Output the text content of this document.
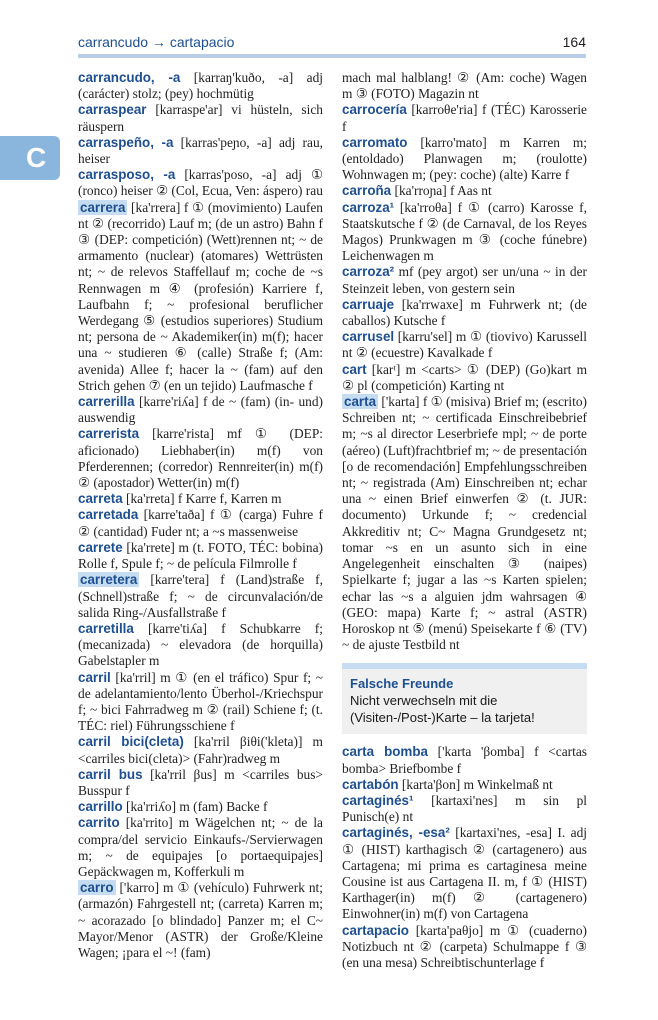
carrancudo → cartapacio	164
C
carrancudo, -a [karraŋ'kuðo, -a] adj (carácter) stolz; (pey) hochmütig
carraspear [karraspe'ar] vi hüsteln, sich räuspern
carraspeño, -a [karras'peɲo, -a] adj rau, heiser
carrasposo, -a [karras'poso, -a] adj ① (ronco) heiser ② (Col, Ecua, Ven: áspero) rau
carrera [ka'rrera] f ① (movimiento) Laufen nt ② (recorrido) Lauf m; (de un astro) Bahn f ③ (DEP: competición) (Wett)rennen nt; ~ de armamento (nuclear) (atomares) Wettrüsten nt; ~ de relevos Staffellauf m; coche de ~s Rennwagen m ④ (profesión) Karriere f, Laufbahn f; ~ profesional beruflicher Werdegang ⑤ (estudios superiores) Studium nt; persona de ~ Akademiker(in) m(f); hacer una ~ studieren ⑥ (calle) Straße f; (Am: avenida) Allee f; hacer la ~ (fam) auf den Strich gehen ⑦ (en un tejido) Laufmasche f
carrerilla [karre'riʎa] f de ~ (fam) (in- und) auswendig
carrerista [karre'rista] mf ① (DEP: aficionado) Liebhaber(in) m(f) von Pferderennen; (corredor) Rennreiter(in) m(f) ② (apostador) Wetter(in) m(f)
carreta [ka'rreta] f Karre f, Karren m
carretada [karre'taða] f ① (carga) Fuhre f ② (cantidad) Fuder nt; a ~s massenweise
carrete [ka'rrete] m (t. FOTO, TÉC: bobina) Rolle f, Spule f; ~ de película Filmrolle f
carretera [karre'tera] f (Land)straße f, (Schnell)straße f; ~ de circunvalación/de salida Ring-/Ausfallstraße f
carretilla [karre'tiʎa] f Schubkarre f; (mecanizada) ~ elevadora (de horquilla) Gabelstapler m
carril [ka'rril] m ① (en el tráfico) Spur f; ~ de adelantamiento/lento Überhol-/Kriechspur f; ~ bici Fahrradweg m ② (rail) Schiene f; (t. TÉC: riel) Führungsschiene f
carril bici(cleta) [ka'rril βiθi('kleta)] m <carriles bici(cleta)> (Fahr)radweg m
carril bus [ka'rril βus] m <carriles bus> Busspur f
carrillo [ka'rriʎo] m (fam) Backe f
carrito [ka'rrito] m Wägelchen nt; ~ de la compra/del servicio Einkaufs-/Servierwagen m; ~ de equipajes [o portaequipajes] Gepäckwagen m, Kofferkuli m
carro ['karro] m ① (vehículo) Fuhrwerk nt; (armazón) Fahrgestell nt; (carreta) Karren m; ~ acorazado [o blindado] Panzer m; el C~ Mayor/Menor (ASTR) der Große/Kleine Wagen; ¡para el ~! (fam)
mach mal halblang! ② (Am: coche) Wagen m ③ (FOTO) Magazin nt
carrocería [karroθe'ria] f (TÉC) Karosserie f
carromato [karro'mato] m Karren m; (entoldado) Planwagen m; (roulotte) Wohnwagen m; (pey: coche) (alte) Karre f
carroña [ka'rroɲa] f Aas nt
carroza¹ [ka'rroθa] f ① (carro) Karosse f, Staatskutsche f ② (de Carnaval, de los Reyes Magos) Prunkwagen m ③ (coche fúnebre) Leichenwagen m
carroza² mf (pey argot) ser un/una ~ in der Steinzeit leben, von gestern sein
carruaje [ka'rrwaxe] m Fuhrwerk nt; (de caballos) Kutsche f
carrusel [karru'sel] m ① (tiovivo) Karussell nt ② (ecuestre) Kavalkade f
cart [karᵗ] m <carts> ① (DEP) (Go)kart m ② pl (competición) Karting nt
carta ['karta] f ① (misiva) Brief m; (escrito) Schreiben nt; ~ certificada Einschreibebrief m; ~s al director Leserbriefe mpl; ~ de porte (aéreo) (Luft)frachtbrief m; ~ de presentación [o de recomendación] Empfehlungsschreiben nt; ~ registrada (Am) Einschreiben nt; echar una ~ einen Brief einwerfen ② (t. JUR: documento) Urkunde f; ~ credencial Akkreditiv nt; C~ Magna Grundgesetz nt; tomar ~s en un asunto sich in eine Angelegenheit einschalten ③ (naipes) Spielkarte f; jugar a las ~s Karten spielen; echar las ~s a alguien jdm wahrsagen ④ (GEO: mapa) Karte f; ~ astral (ASTR) Horoskop nt ⑤ (menú) Speisekarte f ⑥ (TV) ~ de ajuste Testbild nt
Falsche Freunde
Nicht verwechseln mit die (Visiten-/Post-)Karte – la tarjeta!
carta bomba ['karta 'βomba] f <cartas bomba> Briefbombe f
cartabón [karta'βon] m Winkelmaß nt
cartaginés¹ [kartaxi'nes] m sin pl Punisch(e) nt
cartaginés, -esa² [kartaxi'nes, -esa] I. adj ① (HIST) karthagisch ② (cartagenero) aus Cartagena; mi prima es cartaginesa meine Cousine ist aus Cartagena II. m, f ① (HIST) Karthager(in) m(f) ② (cartagenero) Einwohner(in) m(f) von Cartagena
cartapacio [karta'paθjo] m ① (cuaderno) Notizbuch nt ② (carpeta) Schulmappe f ③ (en una mesa) Schreibtischunterlage f
